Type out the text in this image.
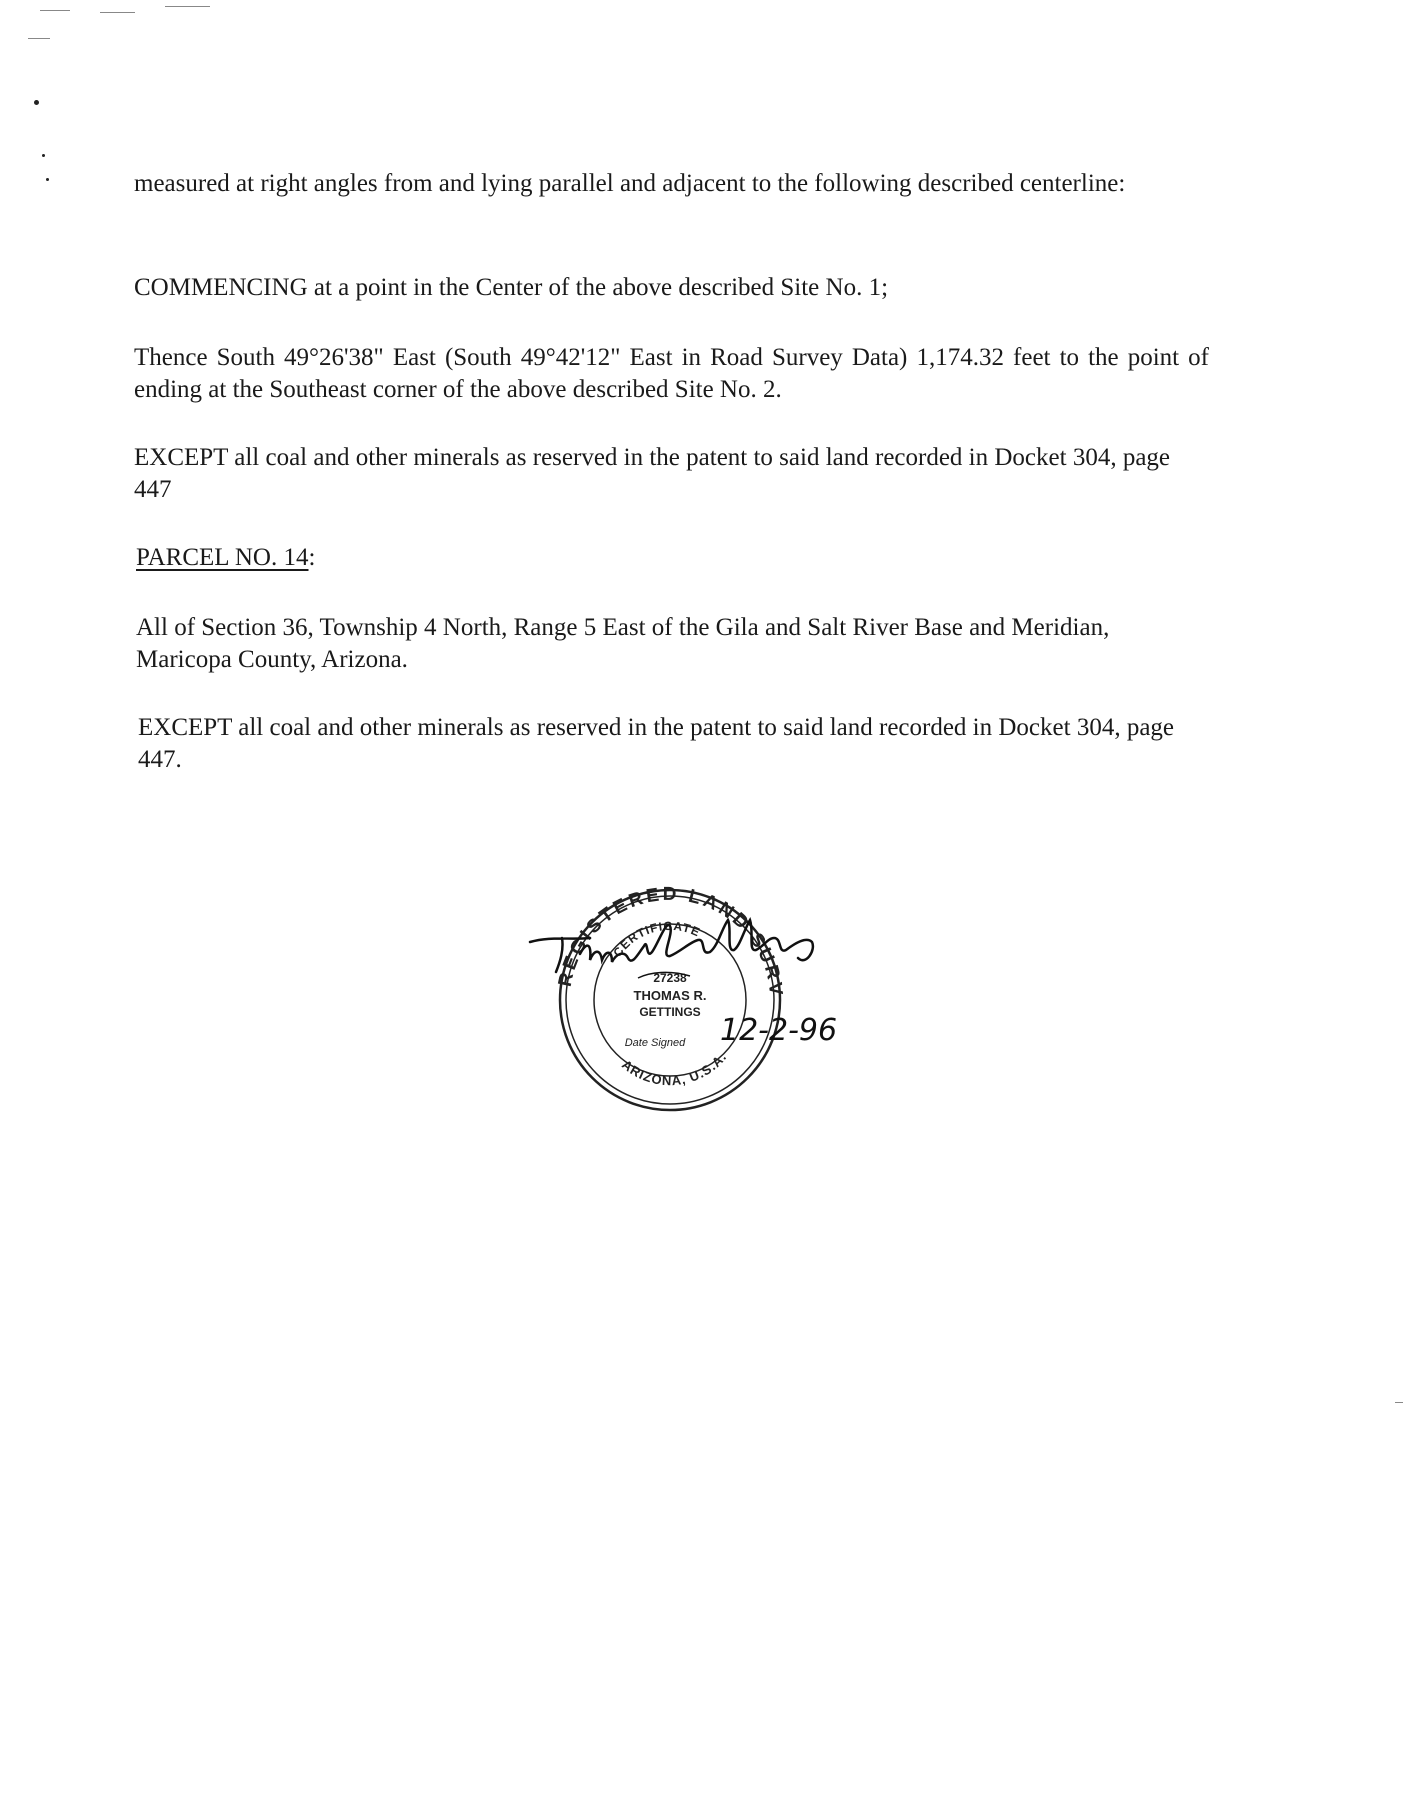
measured at right angles from and lying parallel and adjacent to the following described centerline:

COMMENCING at a point in the Center of the above described Site No. 1;

Thence South 49°26'38" East (South 49°42'12" East in Road Survey Data) 1,174.32 feet to the point of ending at the Southeast corner of the above described Site No. 2.

EXCEPT all coal and other minerals as reserved in the patent to said land recorded in Docket 304, page 447

PARCEL NO. 14:

All of Section 36, Township 4 North, Range 5 East of the Gila and Salt River Base and Meridian, Maricopa County, Arizona.

EXCEPT all coal and other minerals as reserved in the patent to said land recorded in Docket 304, page 447.

REGISTERED LAND SURV
CERTIFICATE
ARIZONA, U.S.A.
27238
THOMAS R.
GETTINGS
Date Signed 12-2-96
